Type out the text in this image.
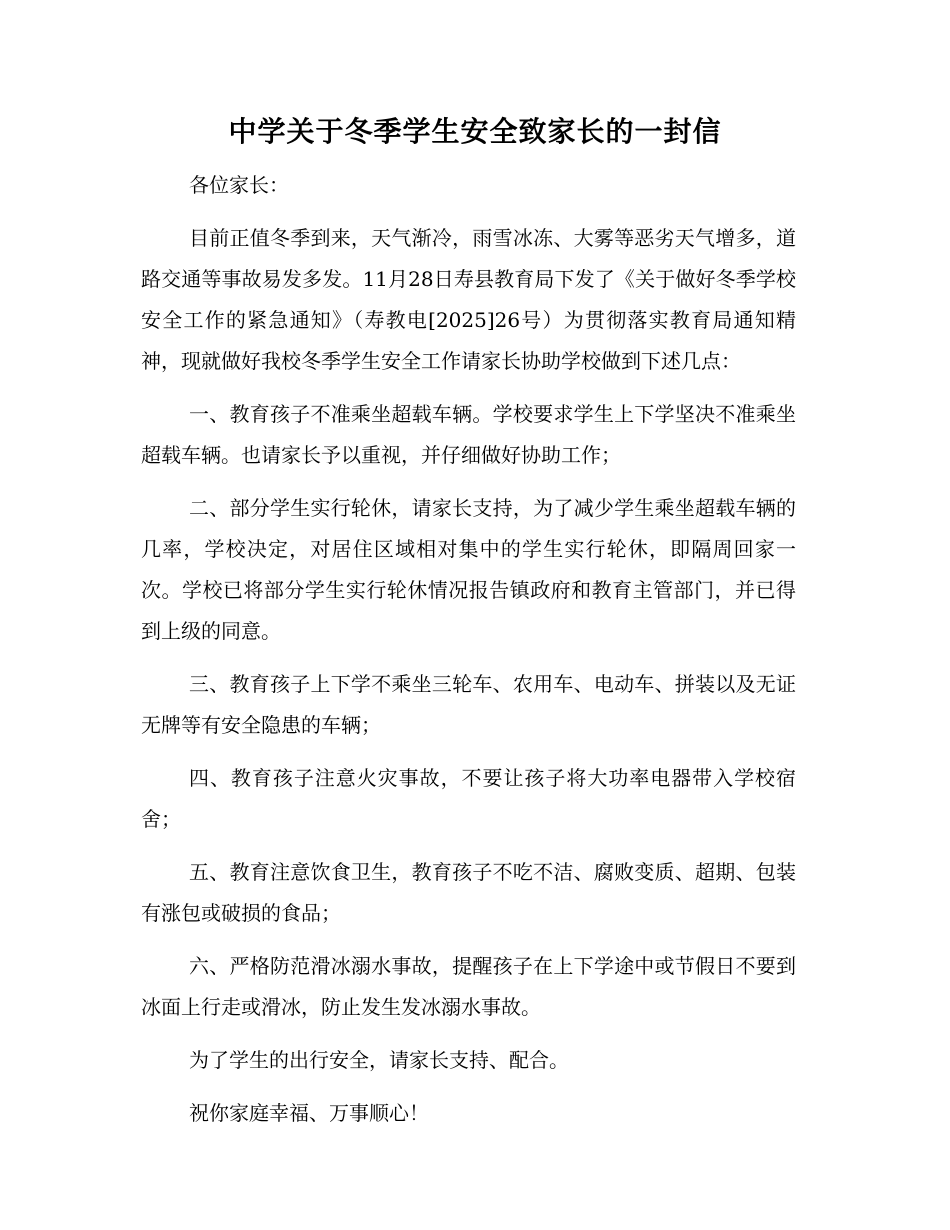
中学关于冬季学生安全致家长的一封信

各位家长：

目前正值冬季到来，天气渐冷，雨雪冰冻、大雾等恶劣天气增多，道路交通等事故易发多发。11月28日寿县教育局下发了《关于做好冬季学校安全工作的紧急通知》（寿教电[2025]26号）为贯彻落实教育局通知精神，现就做好我校冬季学生安全工作请家长协助学校做到下述几点：

一、教育孩子不准乘坐超载车辆。学校要求学生上下学坚决不准乘坐超载车辆。也请家长予以重视，并仔细做好协助工作；

二、部分学生实行轮休，请家长支持，为了减少学生乘坐超载车辆的几率，学校决定，对居住区域相对集中的学生实行轮休，即隔周回家一次。学校已将部分学生实行轮休情况报告镇政府和教育主管部门，并已得到上级的同意。

三、教育孩子上下学不乘坐三轮车、农用车、电动车、拼装以及无证无牌等有安全隐患的车辆；

四、教育孩子注意火灾事故，不要让孩子将大功率电器带入学校宿舍；

五、教育注意饮食卫生，教育孩子不吃不洁、腐败变质、超期、包装有涨包或破损的食品；

六、严格防范滑冰溺水事故，提醒孩子在上下学途中或节假日不要到冰面上行走或滑冰，防止发生发冰溺水事故。

为了学生的出行安全，请家长支持、配合。

祝你家庭幸福、万事顺心！
